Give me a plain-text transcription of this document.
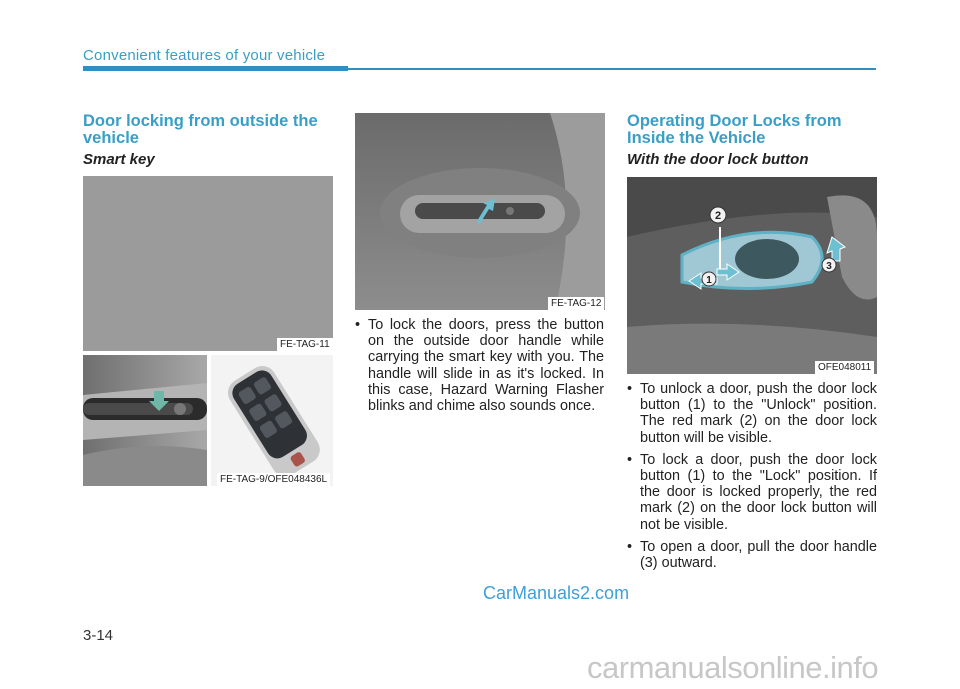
Convenient features of your vehicle
Door locking from outside the vehicle
Smart key
FE-TAG-11
FE-TAG-9/OFE048436L
FE-TAG-12
• To lock the doors, press the button on the outside door handle while carrying the smart key with you. The handle will slide in as it's locked. In this case, Hazard Warning Flasher blinks and chime also sounds once.
Operating Door Locks from Inside the Vehicle
With the door lock button
2
1
3
OFE048011
• To unlock a door, push the door lock button (1) to the "Unlock" position. The red mark (2) on the door lock button will be visible.
• To lock a door, push the door lock button (1) to the "Lock" position. If the door is locked properly, the red mark (2) on the door lock button will not be visible.
• To open a door, pull the door handle (3) outward.
3-14
CarManuals2.com
carmanualsonline.info
